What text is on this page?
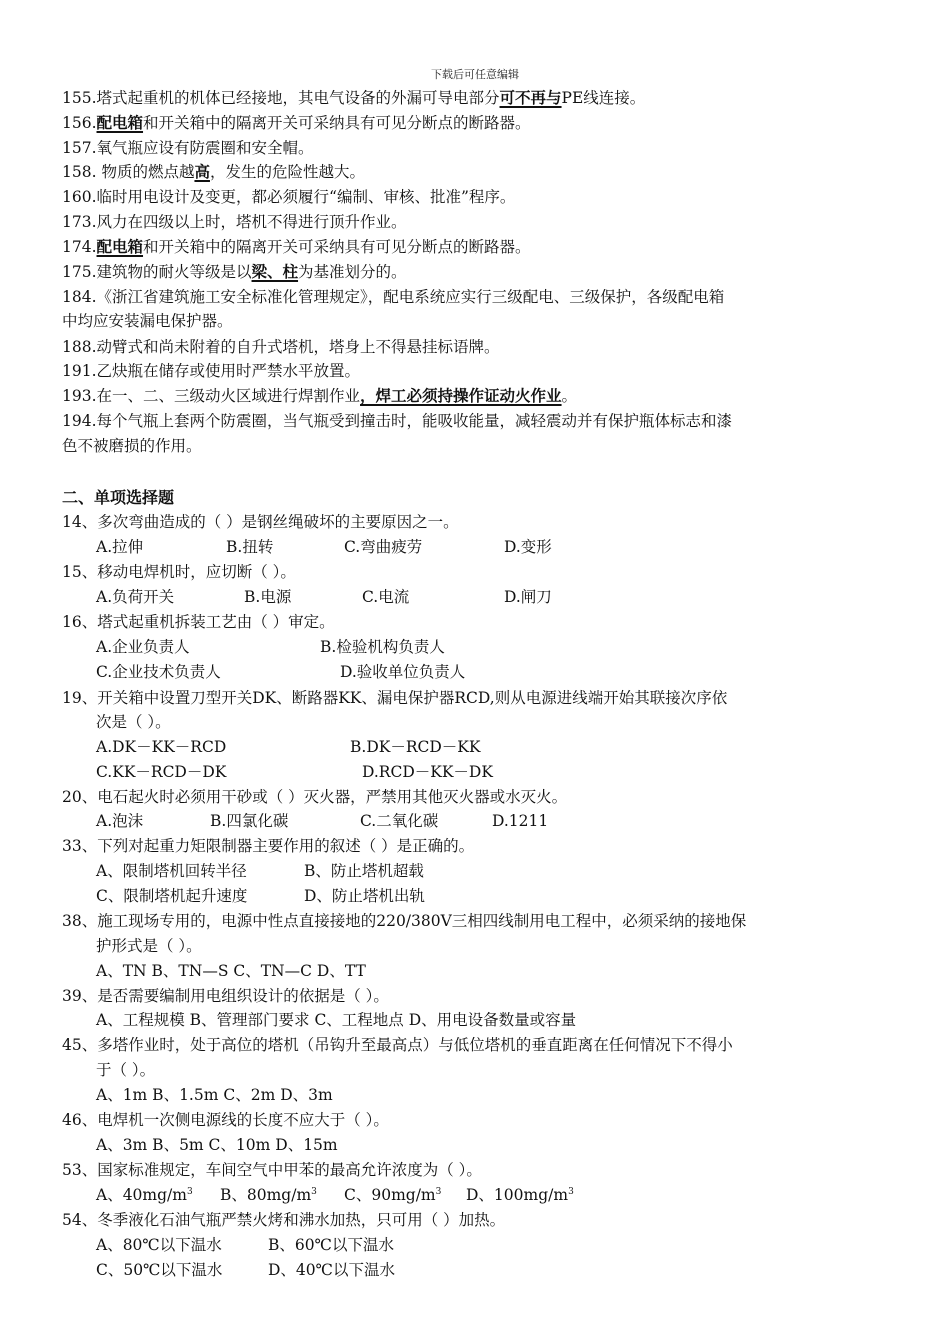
下载后可任意编辑
155.塔式起重机的机体已经接地，其电气设备的外漏可导电部分可不再与PE线连接。
156.配电箱和开关箱中的隔离开关可采纳具有可见分断点的断路器。
157.氧气瓶应设有防震圈和安全帽。
158. 物质的燃点越高，发生的危险性越大。
160.临时用电设计及变更，都必须履行“编制、审核、批准”程序。
173.风力在四级以上时，塔机不得进行顶升作业。
174.配电箱和开关箱中的隔离开关可采纳具有可见分断点的断路器。
175.建筑物的耐火等级是以梁、柱为基准划分的。
184.《浙江省建筑施工安全标准化管理规定》，配电系统应实行三级配电、三级保护，各级配电箱
中均应安装漏电保护器。
188.动臂式和尚未附着的自升式塔机，塔身上不得悬挂标语牌。
191.乙炔瓶在储存或使用时严禁水平放置。
193.在一、二、三级动火区域进行焊割作业，焊工必须持操作证动火作业。
194.每个气瓶上套两个防震圈，当气瓶受到撞击时，能吸收能量，减轻震动并有保护瓶体标志和漆
色不被磨损的作用。
二、单项选择题
14、多次弯曲造成的（ ）是钢丝绳破坏的主要原因之一。
A.拉伸	B.扭转	C.弯曲疲劳	D.变形
15、移动电焊机时，应切断（ ）。
A.负荷开关	B.电源	C.电流	D.闸刀
16、塔式起重机拆装工艺由（ ）审定。
A.企业负责人	B.检验机构负责人
C.企业技术负责人	D.验收单位负责人
19、开关箱中设置刀型开关DK、断路器KK、漏电保护器RCD,则从电源进线端开始其联接次序依
次是（ ）。
A.DK－KK－RCD	B.DK－RCD－KK
C.KK－RCD－DK	D.RCD－KK－DK
20、电石起火时必须用干砂或（ ）灭火器，严禁用其他灭火器或水灭火。
A.泡沫	B.四氯化碳	C.二氧化碳	D.1211
33、下列对起重力矩限制器主要作用的叙述（ ）是正确的。
A、限制塔机回转半径	B、防止塔机超载
C、限制塔机起升速度	D、防止塔机出轨
38、施工现场专用的，电源中性点直接接地的220/380V三相四线制用电工程中，必须采纳的接地保
护形式是（ ）。
A、TN B、TN—S C、TN—C D、TT
39、是否需要编制用电组织设计的依据是（ ）。
A、工程规模 B、管理部门要求 C、工程地点 D、用电设备数量或容量
45、多塔作业时，处于高位的塔机（吊钩升至最高点）与低位塔机的垂直距离在任何情况下不得小
于（ ）。
A、1m B、1.5m C、2m D、3m
46、电焊机一次侧电源线的长度不应大于（ ）。
A、3m B、5m C、10m D、15m
53、国家标准规定，车间空气中甲苯的最高允许浓度为（ ）。
A、$40mg/m^3$ B、$80mg/m^3$ C、$90mg/m^3$ D、$100mg/m^3$
54、冬季液化石油气瓶严禁火烤和沸水加热，只可用（ ）加热。
A、80℃以下温水	B、60℃以下温水
C、50℃以下温水	D、40℃以下温水
